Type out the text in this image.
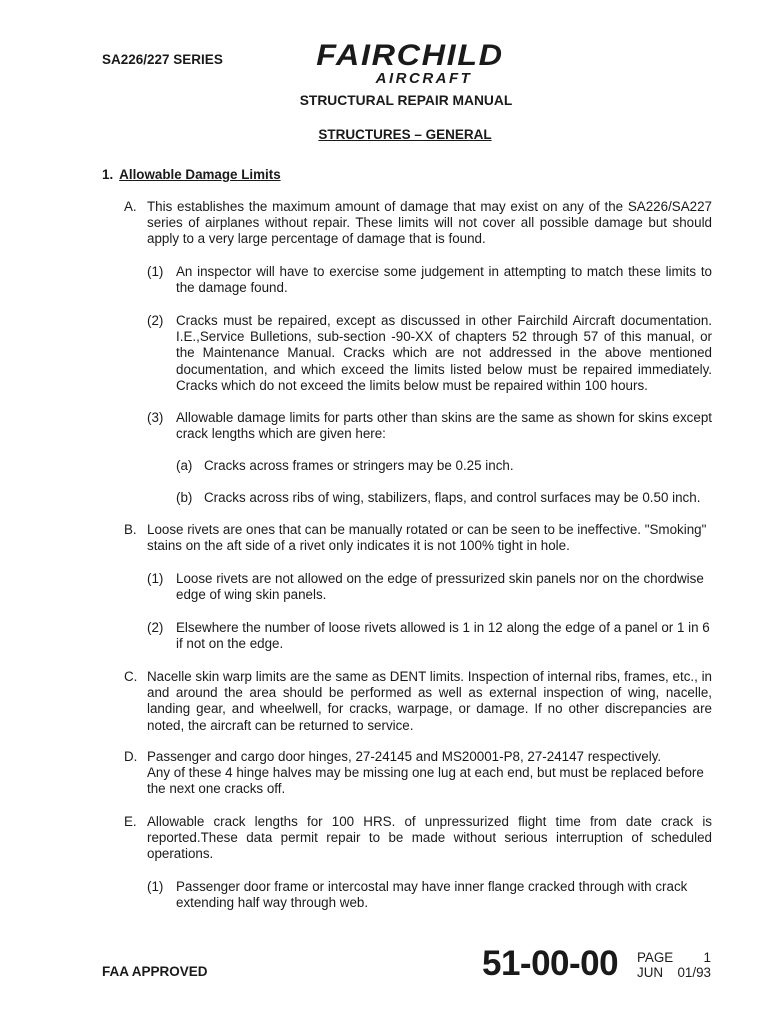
SA226/227 SERIES	FAIRCHILD
AIRCRAFT
STRUCTURAL REPAIR MANUAL
STRUCTURES – GENERAL
1. Allowable Damage Limits
A. This establishes the maximum amount of damage that may exist on any of the SA226/SA227 series of airplanes without repair. These limits will not cover all possible damage but should apply to a very large percentage of damage that is found.
(1) An inspector will have to exercise some judgement in attempting to match these limits to the damage found.
(2) Cracks must be repaired, except as discussed in other Fairchild Aircraft documentation. I.E.,Service Bulletions, sub-section -90-XX of chapters 52 through 57 of this manual, or the Maintenance Manual. Cracks which are not addressed in the above mentioned documentation, and which exceed the limits listed below must be repaired immediately. Cracks which do not exceed the limits below must be repaired within 100 hours.
(3) Allowable damage limits for parts other than skins are the same as shown for skins except crack lengths which are given here:
(a) Cracks across frames or stringers may be 0.25 inch.
(b) Cracks across ribs of wing, stabilizers, flaps, and control surfaces may be 0.50 inch.
B. Loose rivets are ones that can be manually rotated or can be seen to be ineffective. "Smoking" stains on the aft side of a rivet only indicates it is not 100% tight in hole.
(1) Loose rivets are not allowed on the edge of pressurized skin panels nor on the chordwise edge of wing skin panels.
(2) Elsewhere the number of loose rivets allowed is 1 in 12 along the edge of a panel or 1 in 6 if not on the edge.
C. Nacelle skin warp limits are the same as DENT limits. Inspection of internal ribs, frames, etc., in and around the area should be performed as well as external inspection of wing, nacelle, landing gear, and wheelwell, for cracks, warpage, or damage. If no other discrepancies are noted, the aircraft can be returned to service.
D. Passenger and cargo door hinges, 27-24145 and MS20001-P8, 27-24147 respectively.
Any of these 4 hinge halves may be missing one lug at each end, but must be replaced before the next one cracks off.
E. Allowable crack lengths for 100 HRS. of unpressurized flight time from date crack is reported.These data permit repair to be made without serious interruption of scheduled operations.
(1) Passenger door frame or intercostal may have inner flange cracked through with crack extending half way through web.
FAA APPROVED	51-00-00 PAGE 1
JUN 01/93
